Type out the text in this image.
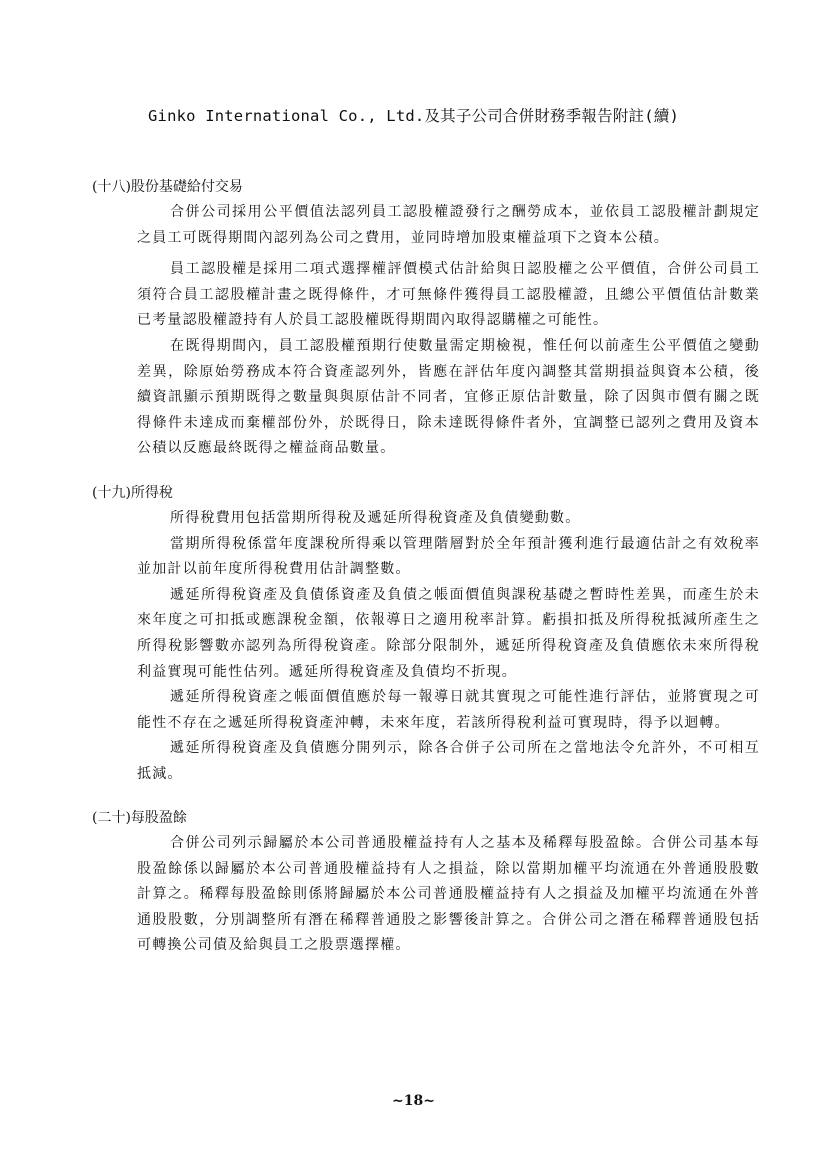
Ginko International Co., Ltd.及其子公司合併財務季報告附註(續)
(十八)股份基礎給付交易
合併公司採用公平價值法認列員工認股權證發行之酬勞成本，並依員工認股權計劃規定之員工可既得期間內認列為公司之費用，並同時增加股東權益項下之資本公積。
員工認股權是採用二項式選擇權評價模式估計給與日認股權之公平價值，合併公司員工須符合員工認股權計畫之既得條件，才可無條件獲得員工認股權證，且總公平價值估計數業已考量認股權證持有人於員工認股權既得期間內取得認購權之可能性。
在既得期間內，員工認股權預期行使數量需定期檢視，惟任何以前產生公平價值之變動差異，除原始勞務成本符合資產認列外，皆應在評估年度內調整其當期損益與資本公積，後續資訊顯示預期既得之數量與與原估計不同者，宜修正原估計數量，除了因與市價有關之既得條件未達成而棄權部份外，於既得日，除未達既得條件者外，宜調整已認列之費用及資本公積以反應最終既得之權益商品數量。
(十九)所得稅
所得稅費用包括當期所得稅及遞延所得稅資產及負債變動數。
當期所得稅係當年度課稅所得乘以管理階層對於全年預計獲利進行最適估計之有效稅率並加計以前年度所得稅費用估計調整數。
遞延所得稅資產及負債係資產及負債之帳面價值與課稅基礎之暫時性差異，而產生於未來年度之可扣抵或應課稅金額，依報導日之適用稅率計算。虧損扣抵及所得稅抵減所產生之所得稅影響數亦認列為所得稅資產。除部分限制外，遞延所得稅資產及負債應依未來所得稅利益實現可能性估列。遞延所得稅資產及負債均不折現。
遞延所得稅資產之帳面價值應於每一報導日就其實現之可能性進行評估，並將實現之可能性不存在之遞延所得稅資產沖轉，未來年度，若該所得稅利益可實現時，得予以迴轉。
遞延所得稅資產及負債應分開列示，除各合併子公司所在之當地法令允許外，不可相互抵減。
(二十)每股盈餘
合併公司列示歸屬於本公司普通股權益持有人之基本及稀釋每股盈餘。合併公司基本每股盈餘係以歸屬於本公司普通股權益持有人之損益，除以當期加權平均流通在外普通股股數計算之。稀釋每股盈餘則係將歸屬於本公司普通股權益持有人之損益及加權平均流通在外普通股股數，分別調整所有潛在稀釋普通股之影響後計算之。合併公司之潛在稀釋普通股包括可轉換公司債及給與員工之股票選擇權。
~18~
